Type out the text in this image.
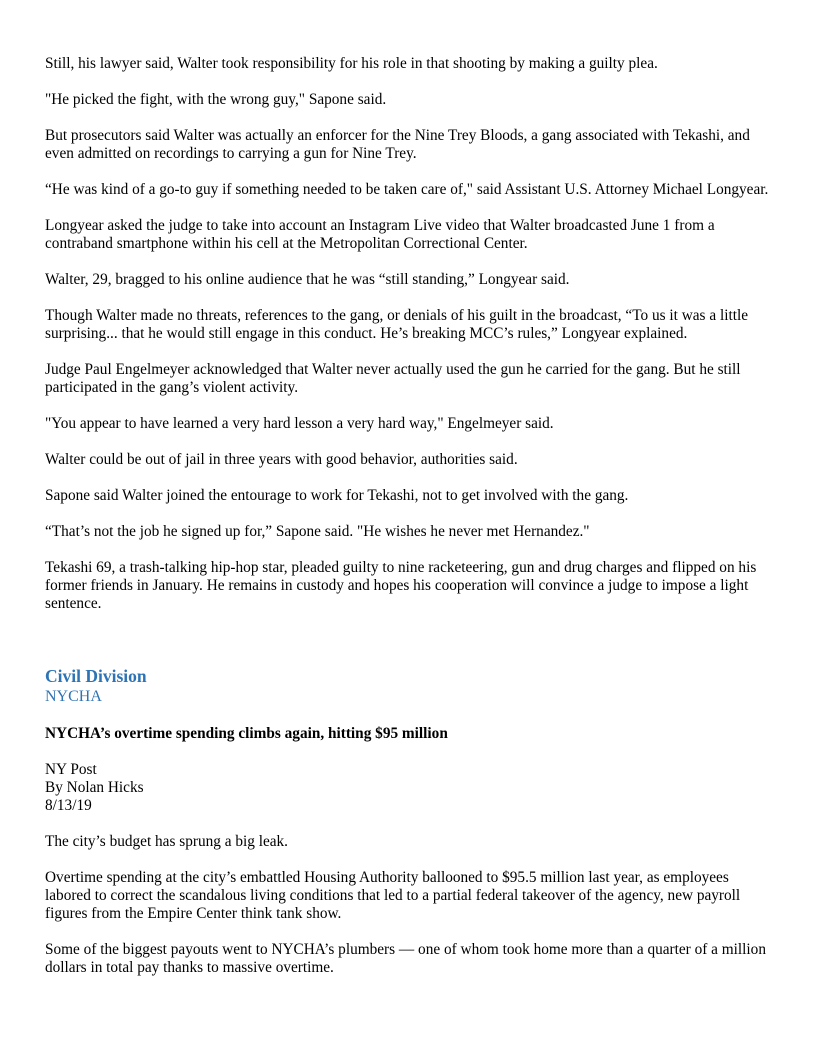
Still, his lawyer said, Walter took responsibility for his role in that shooting by making a guilty plea.

"He picked the fight, with the wrong guy," Sapone said.

But prosecutors said Walter was actually an enforcer for the Nine Trey Bloods, a gang associated with Tekashi, and even admitted on recordings to carrying a gun for Nine Trey.

“He was kind of a go-to guy if something needed to be taken care of," said Assistant U.S. Attorney Michael Longyear.

Longyear asked the judge to take into account an Instagram Live video that Walter broadcasted June 1 from a contraband smartphone within his cell at the Metropolitan Correctional Center.

Walter, 29, bragged to his online audience that he was “still standing,” Longyear said.

Though Walter made no threats, references to the gang, or denials of his guilt in the broadcast, “To us it was a little surprising... that he would still engage in this conduct. He’s breaking MCC’s rules,” Longyear explained.

Judge Paul Engelmeyer acknowledged that Walter never actually used the gun he carried for the gang. But he still participated in the gang’s violent activity.

"You appear to have learned a very hard lesson a very hard way," Engelmeyer said.

Walter could be out of jail in three years with good behavior, authorities said.

Sapone said Walter joined the entourage to work for Tekashi, not to get involved with the gang.

“That’s not the job he signed up for,” Sapone said. "He wishes he never met Hernandez."

Tekashi 69, a trash-talking hip-hop star, pleaded guilty to nine racketeering, gun and drug charges and flipped on his former friends in January. He remains in custody and hopes his cooperation will convince a judge to impose a light sentence.

Civil Division
NYCHA
NYCHA’s overtime spending climbs again, hitting $95 million
NY Post
By Nolan Hicks
8/13/19

The city’s budget has sprung a big leak.

Overtime spending at the city’s embattled Housing Authority ballooned to $95.5 million last year, as employees labored to correct the scandalous living conditions that led to a partial federal takeover of the agency, new payroll figures from the Empire Center think tank show.

Some of the biggest payouts went to NYCHA’s plumbers — one of whom took home more than a quarter of a million dollars in total pay thanks to massive overtime.
